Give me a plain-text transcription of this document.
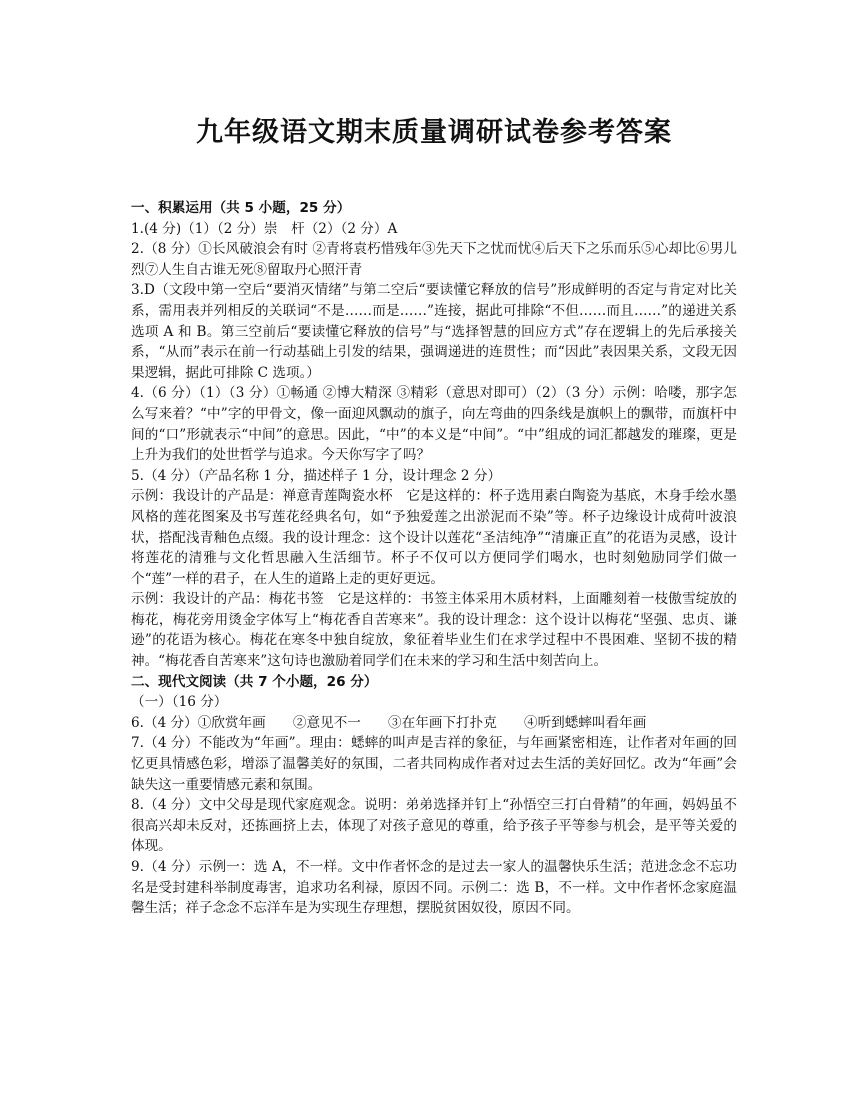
九年级语文期末质量调研试卷参考答案

一、积累运用（共 5 小题，25 分）

1.(4 分)（1）（2 分）崇　杆（2）（2 分）A

2.（8 分）①长风破浪会有时 ②青将袁朽惜残年③先天下之忧而忧④后天下之乐而乐⑤心却比⑥男儿烈⑦人生自古谁无死⑧留取丹心照汗青

3.D（文段中第一空后“要消灭情绪”与第二空后“要读懂它释放的信号”形成鲜明的否定与肯定对比关系，需用表并列相反的关联词“不是……而是……”连接，据此可排除“不但……而且……”的递进关系选项 A 和 B。第三空前后“要读懂它释放的信号”与“选择智慧的回应方式”存在逻辑上的先后承接关系，“从而”表示在前一行动基础上引发的结果，强调递进的连贯性；而“因此”表因果关系，文段无因果逻辑，据此可排除 C 选项。）

4.（6 分）（1）（3 分）①畅通 ②博大精深 ③精彩（意思对即可）（2）（3 分）示例：哈喽，那字怎么写来着？“中”字的甲骨文，像一面迎风飘动的旗子，向左弯曲的四条线是旗帜上的飘带，而旗杆中间的“口”形就表示“中间”的意思。因此，“中”的本义是“中间”。“中”组成的词汇都越发的璀璨，更是上升为我们的处世哲学与追求。今天你写字了吗？

5.（4 分）（产品名称 1 分，描述样子 1 分，设计理念 2 分）

示例：我设计的产品是：禅意青莲陶瓷水杯　它是这样的：杯子选用素白陶瓷为基底，木身手绘水墨风格的莲花图案及书写莲花经典名句，如“予独爱莲之出淤泥而不染”等。杯子边缘设计成荷叶波浪状，搭配浅青釉色点缀。我的设计理念：这个设计以莲花“圣洁纯净”“清廉正直”的花语为灵感，设计将莲花的清雅与文化哲思融入生活细节。杯子不仅可以方便同学们喝水，也时刻勉励同学们做一个“莲”一样的君子，在人生的道路上走的更好更远。

示例：我设计的产品：梅花书签　它是这样的：书签主体采用木质材料，上面雕刻着一枝傲雪绽放的梅花，梅花旁用烫金字体写上“梅花香自苦寒来”。我的设计理念：这个设计以梅花“坚强、忠贞、谦逊”的花语为核心。梅花在寒冬中独自绽放，象征着毕业生们在求学过程中不畏困难、坚韧不拔的精神。“梅花香自苦寒来”这句诗也激励着同学们在未来的学习和生活中刻苦向上。

二、现代文阅读（共 7 个小题，26 分）

（一）（16 分）

6.（4 分）①欣赏年画　　②意见不一　　③在年画下打扑克　　④听到蟋蟀叫看年画

7.（4 分）不能改为“年画”。理由：蟋蟀的叫声是吉祥的象征，与年画紧密相连，让作者对年画的回忆更具情感色彩，增添了温馨美好的氛围，二者共同构成作者对过去生活的美好回忆。改为“年画”会缺失这一重要情感元素和氛围。

8.（4 分）文中父母是现代家庭观念。说明：弟弟选择并钉上“孙悟空三打白骨精”的年画，妈妈虽不很高兴却未反对，还拣画挤上去，体现了对孩子意见的尊重，给予孩子平等参与机会，是平等关爱的体现。

9.（4 分）示例一：选 A，不一样。文中作者怀念的是过去一家人的温馨快乐生活；范进念念不忘功名是受封建科举制度毒害，追求功名利禄，原因不同。示例二：选 B，不一样。文中作者怀念家庭温馨生活；祥子念念不忘洋车是为实现生存理想，摆脱贫困奴役，原因不同。
